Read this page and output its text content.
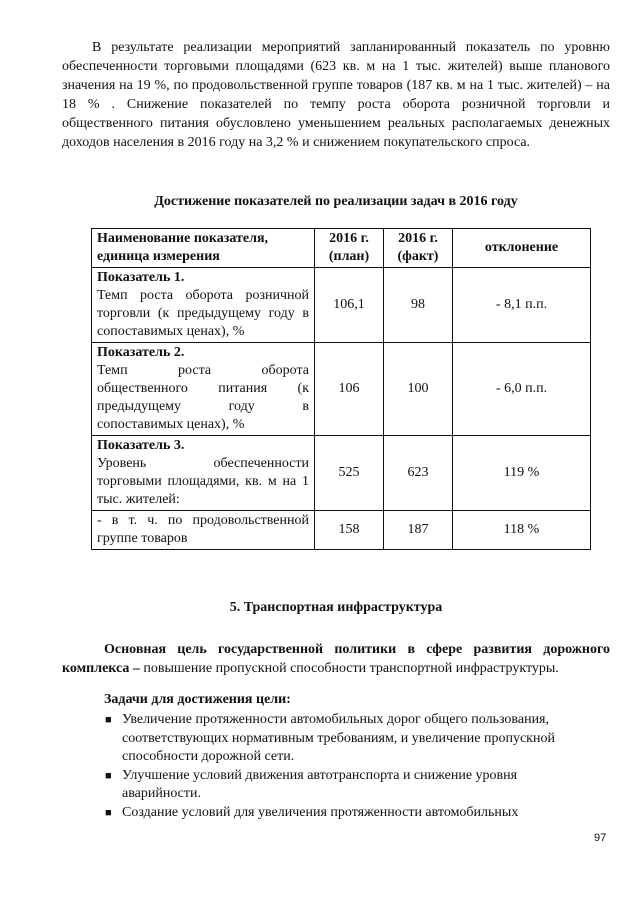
В результате реализации мероприятий запланированный показатель по уровню обеспеченности торговыми площадями (623 кв. м на 1 тыс. жителей) выше планового значения на 19 %, по продовольственной группе товаров (187 кв. м на 1 тыс. жителей) – на 18 % . Снижение показателей по темпу роста оборота розничной торговли и общественного питания обусловлено уменьшением реальных располагаемых денежных доходов населения в 2016 году на 3,2 % и снижением покупательского спроса.

Достижение показателей по реализации задач в 2016 году

Наименование показателя, единица измерения	2016 г. (план)	2016 г. (факт)	отклонение

Показатель 1.
Темп роста оборота розничной торговли (к предыдущему году в сопоставимых ценах), %	106,1	98	- 8,1 п.п.

Показатель 2.
Темп роста оборота общественного питания (к предыдущему году в сопоставимых ценах), %	106	100	- 6,0 п.п.

Показатель 3.
Уровень обеспеченности торговыми площадями, кв. м на 1 тыс. жителей:	525	623	119 %

- в т. ч. по продовольственной группе товаров	158	187	118 %

5. Транспортная инфраструктура

Основная цель государственной политики в сфере развития дорожного комплекса – повышение пропускной способности транспортной инфраструктуры.

Задачи для достижения цели:

■ Увеличение протяженности автомобильных дорог общего пользования, соответствующих нормативным требованиям, и увеличение пропускной способности дорожной сети.
■ Улучшение условий движения автотранспорта и снижение уровня аварийности.
■ Создание условий для увеличения протяженности автомобильных
97
